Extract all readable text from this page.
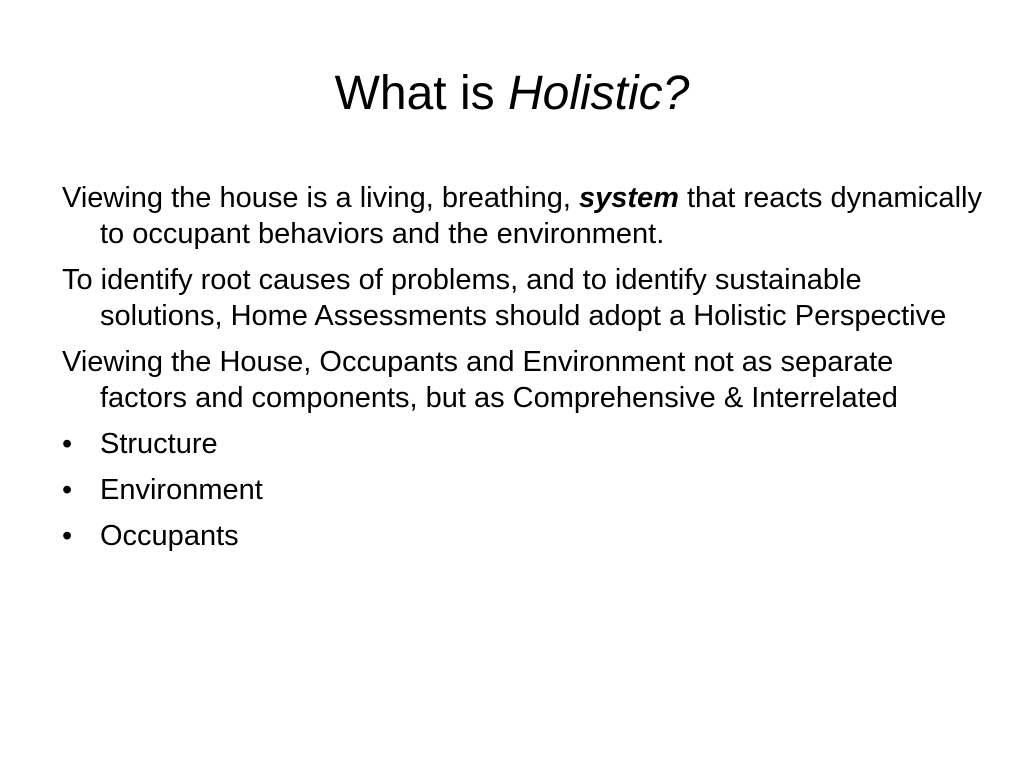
What is Holistic?

Viewing the house is a living, breathing, system that reacts dynamically to occupant behaviors and the environment.

To identify root causes of problems, and to identify sustainable solutions, Home Assessments should adopt a Holistic Perspective

Viewing the House, Occupants and Environment not as separate factors and components, but as Comprehensive & Interrelated

• Structure
• Environment
• Occupants
